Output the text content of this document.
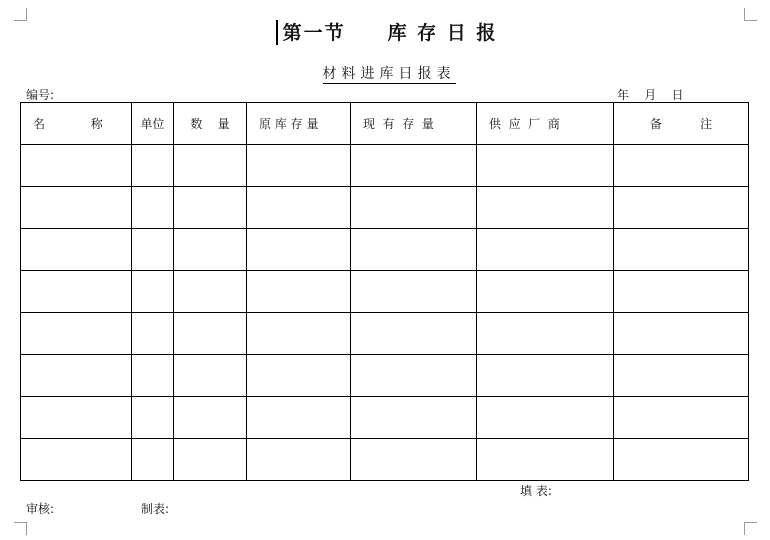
第一节　　库 存 日 报
材料进库日报表
编号:	年    月    日
名            称	单位	数    量	原 库 存 量	现  有  存  量	供  应  厂  商	备          注

填 表:
审核:	制表:
